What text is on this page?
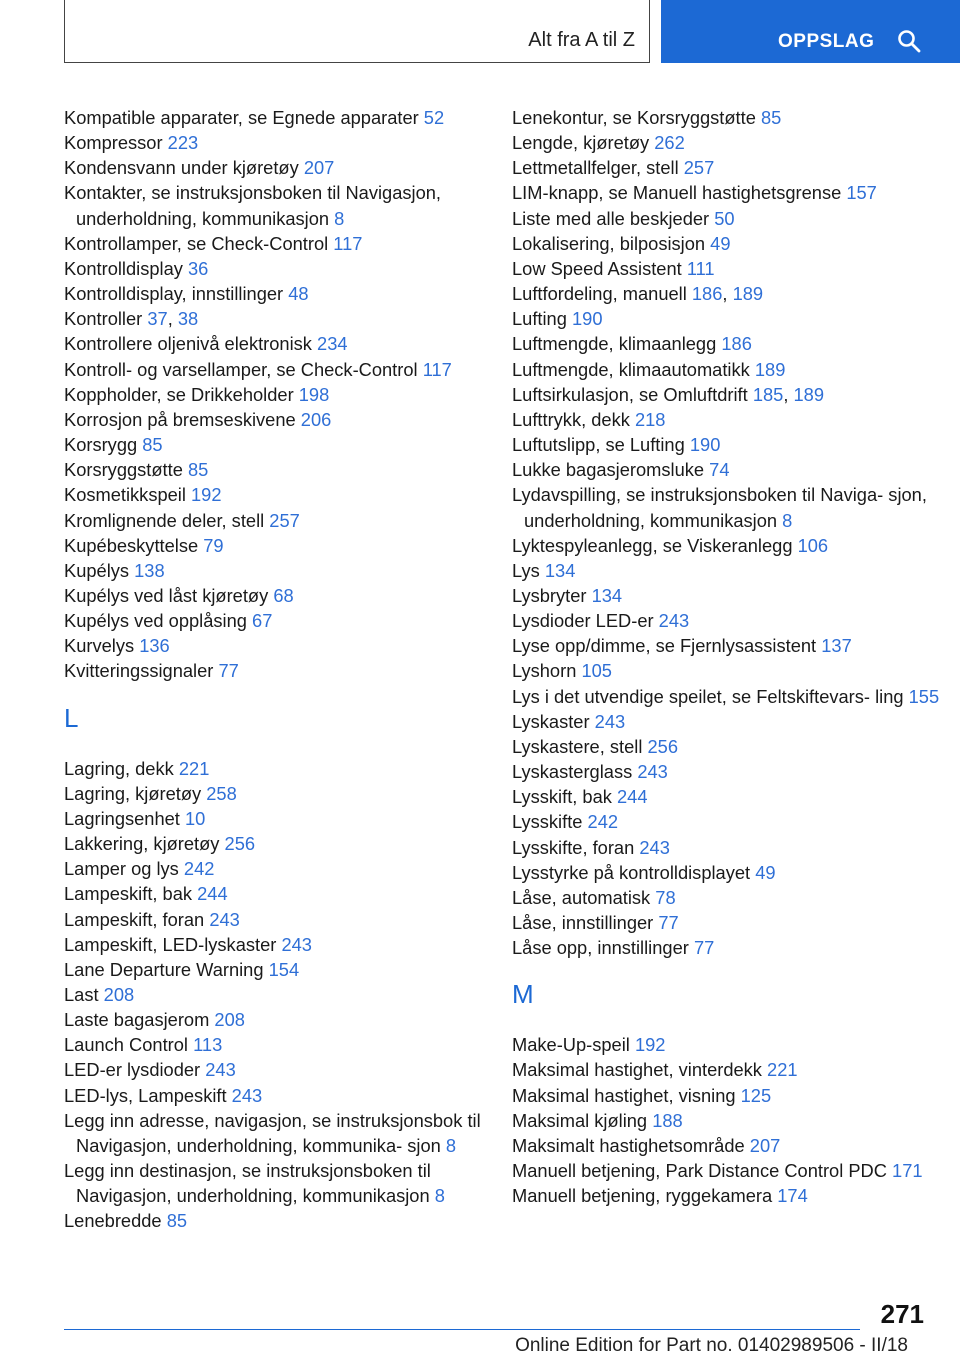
Alt fra A til Z	OPPSLAG
Kompatible apparater, se Egnede apparater 52
Kompressor 223
Kondensvann under kjøretøy 207
Kontakter, se instruksjonsboken til Navigasjon, underholdning, kommunikasjon 8
Kontrollamper, se Check-Control 117
Kontrolldisplay 36
Kontrolldisplay, innstillinger 48
Kontroller 37, 38
Kontrollere oljenivå elektronisk 234
Kontroll- og varsellamper, se Check-Control 117
Koppholder, se Drikkeholder 198
Korrosjon på bremseskivene 206
Korsrygg 85
Korsryggstøtte 85
Kosmetikkspeil 192
Kromlignende deler, stell 257
Kupébeskyttelse 79
Kupélys 138
Kupélys ved låst kjøretøy 68
Kupélys ved opplåsing 67
Kurvelys 136
Kvitteringssignaler 77
L
Lagring, dekk 221
Lagring, kjøretøy 258
Lagringsenhet 10
Lakkering, kjøretøy 256
Lamper og lys 242
Lampeskift, bak 244
Lampeskift, foran 243
Lampeskift, LED-lyskaster 243
Lane Departure Warning 154
Last 208
Laste bagasjerom 208
Launch Control 113
LED-er lysdioder 243
LED-lys, Lampeskift 243
Legg inn adresse, navigasjon, se instruksjonsbok til Navigasjon, underholdning, kommunika- sjon 8
Legg inn destinasjon, se instruksjonsboken til Navigasjon, underholdning, kommunikasjon 8
Lenebredde 85
Lenekontur, se Korsryggstøtte 85
Lengde, kjøretøy 262
Lettmetallfelger, stell 257
LIM-knapp, se Manuell hastighetsgrense 157
Liste med alle beskjeder 50
Lokalisering, bilposisjon 49
Low Speed Assistent 111
Luftfordeling, manuell 186, 189
Lufting 190
Luftmengde, klimaanlegg 186
Luftmengde, klimaautomatikk 189
Luftsirkulasjon, se Omluftdrift 185, 189
Lufttrykk, dekk 218
Luftutslipp, se Lufting 190
Lukke bagasjeromsluke 74
Lydavspilling, se instruksjonsboken til Naviga- sjon, underholdning, kommunikasjon 8
Lyktespyleanlegg, se Viskeranlegg 106
Lys 134
Lysbryter 134
Lysdioder LED-er 243
Lyse opp/dimme, se Fjernlysassistent 137
Lyshorn 105
Lys i det utvendige speilet, se Feltskiftevars- ling 155
Lyskaster 243
Lyskastere, stell 256
Lyskasterglass 243
Lysskift, bak 244
Lysskifte 242
Lysskifte, foran 243
Lysstyrke på kontrolldisplayet 49
Låse, automatisk 78
Låse, innstillinger 77
Låse opp, innstillinger 77
M
Make-Up-speil 192
Maksimal hastighet, vinterdekk 221
Maksimal hastighet, visning 125
Maksimal kjøling 188
Maksimalt hastighetsområde 207
Manuell betjening, Park Distance Control PDC 171
Manuell betjening, ryggekamera 174
271
Online Edition for Part no. 01402989506 - II/18
